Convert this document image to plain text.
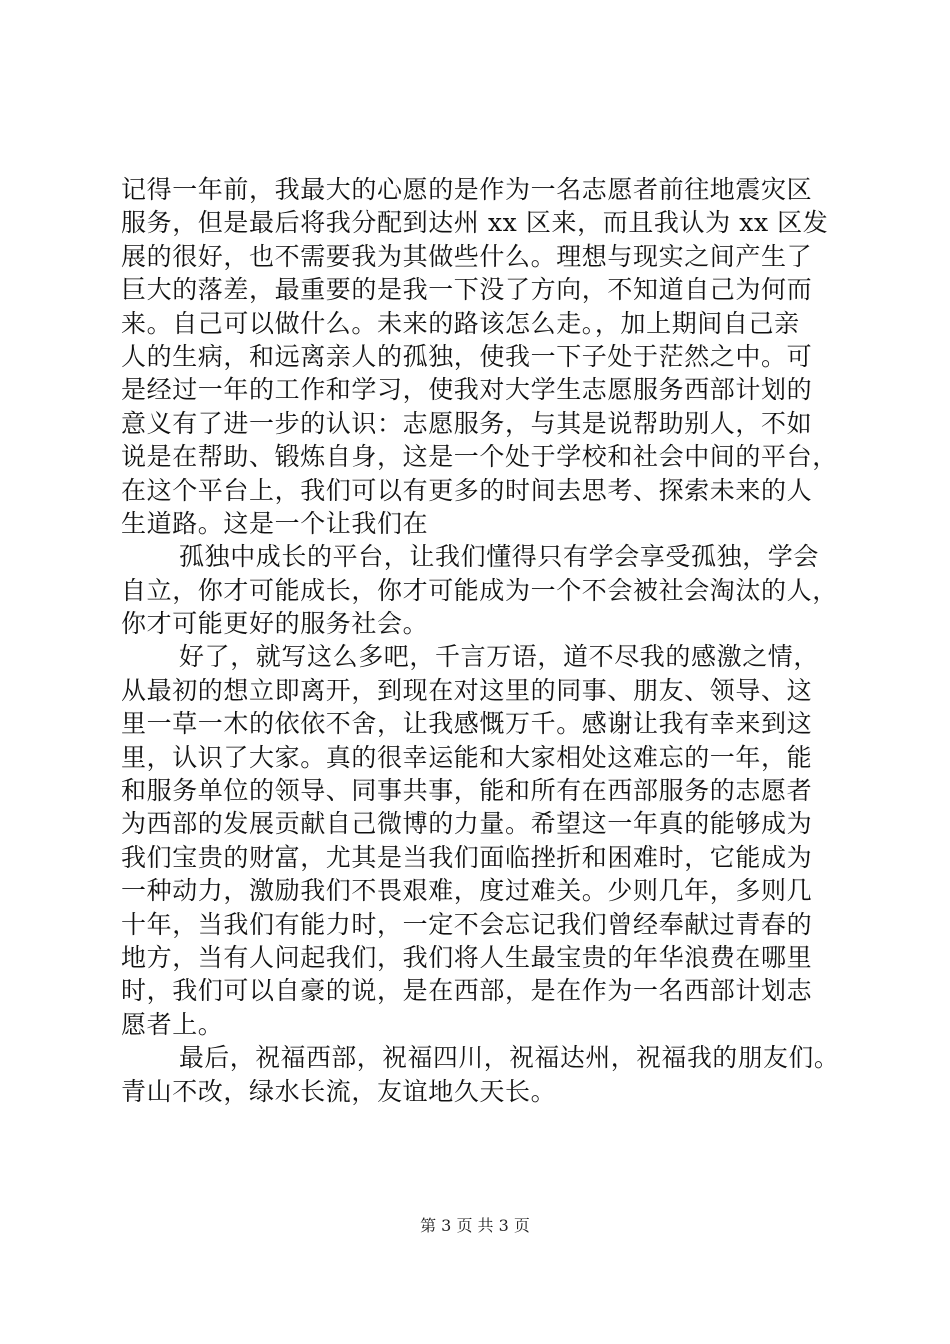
记得一年前，我最大的心愿的是作为一名志愿者前往地震灾区
服务，但是最后将我分配到达州 xx 区来，而且我认为 xx 区发
展的很好，也不需要我为其做些什么。理想与现实之间产生了
巨大的落差，最重要的是我一下没了方向，不知道自己为何而
来。自己可以做什么。未来的路该怎么走。，加上期间自己亲
人的生病，和远离亲人的孤独，使我一下子处于茫然之中。可
是经过一年的工作和学习，使我对大学生志愿服务西部计划的
意义有了进一步的认识：志愿服务，与其是说帮助别人，不如
说是在帮助、锻炼自身，这是一个处于学校和社会中间的平台，
在这个平台上，我们可以有更多的时间去思考、探索未来的人
生道路。这是一个让我们在
孤独中成长的平台，让我们懂得只有学会享受孤独，学会
自立，你才可能成长，你才可能成为一个不会被社会淘汰的人，
你才可能更好的服务社会。
好了，就写这么多吧，千言万语，道不尽我的感激之情，
从最初的想立即离开，到现在对这里的同事、朋友、领导、这
里一草一木的依依不舍，让我感慨万千。感谢让我有幸来到这
里，认识了大家。真的很幸运能和大家相处这难忘的一年，能
和服务单位的领导、同事共事，能和所有在西部服务的志愿者
为西部的发展贡献自己微博的力量。希望这一年真的能够成为
我们宝贵的财富，尤其是当我们面临挫折和困难时，它能成为
一种动力，激励我们不畏艰难，度过难关。少则几年，多则几
十年，当我们有能力时，一定不会忘记我们曾经奉献过青春的
地方，当有人问起我们，我们将人生最宝贵的年华浪费在哪里
时，我们可以自豪的说，是在西部，是在作为一名西部计划志
愿者上。
最后，祝福西部，祝福四川，祝福达州，祝福我的朋友们。
青山不改，绿水长流，友谊地久天长。
第 3 页 共 3 页
